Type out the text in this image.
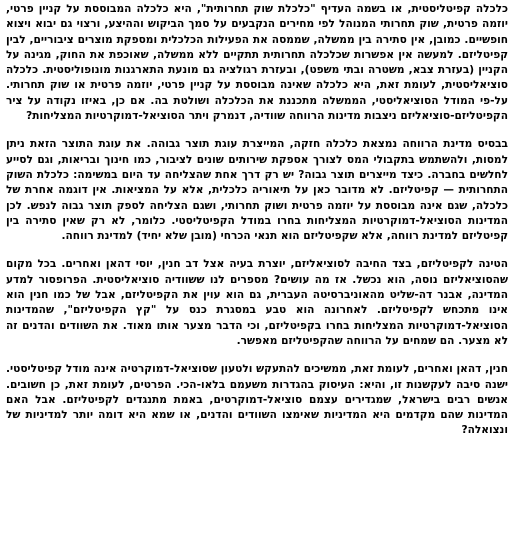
כלכלה קפיטליסטית, או בשמה העדיף "כלכלת שוק תחרותית", היא כלכלה המבוססת על קניין פרטי, יוזמה פרטית, שוק תחרותי המנוהל לפי מחירים הנקבעים על סמך הביקוש וההיצע, ורצוי גם יבוא ויצוא חופשיים. כמובן, אין סתירה בין ממשלה, שממסה את הפעילות הכלכלית ומספקת מוצרים ציבוריים, לבין קפיטליזם. למעשה אין אפשרות שכלכלה תחרותית תתקיים ללא ממשלה, שאוכפת את החוק, מגינה על הקניין (בעזרת צבא, משטרה ובתי משפט), ובעזרת רגולציה גם מונעת התארגנות מונופוליסטית. כלכלה סוציאליסטית, לעומת זאת, היא כלכלה שאינה מבוססת על קניין פרטי, יוזמה פרטית או שוק תחרותי. על-פי המודל הסוציאליסטי, הממשלה מתכננת את הכלכלה ושולטת בה. אם כן, באיזו נקודה על ציר הקפיטליזם-סוציאליזם ניצבות מדינות הרווחה שוודיה, דנמרק ויתר הסוציאל-דמוקרטיות המצליחות?

בבסיס מדינת הרווחה נמצאת כלכלה חזקה, המייצרת עוגת תוצר גבוהה. את עוגת התוצר הזאת ניתן למסות, ולהשתמש בתקבולי המס לצורך אספקת שירותים שונים לציבור, כמו חינוך ובריאות, וגם לסייע לחלשים בחברה. כיצד מייצרים תוצר גבוה? יש רק דרך אחת שהצליחה עד היום במשימה: כלכלת השוק התחרותית — קפיטליזם. לא מדובר כאן על תיאוריה כלכלית, אלא על המציאות. אין דוגמה אחרת של כלכלה, שגם אינה מבוססת על יוזמה פרטית ושוק תחרותי, ושגם הצליחה לספק תוצר גבוה לנפש. לכן המדינות הסוציאל-דמוקרטיות המצליחות בחרו במודל הקפיטליסטי. כלומר, לא רק שאין סתירה בין קפיטליזם למדינת רווחה, אלא שקפיטליזם הוא תנאי הכרחי (מובן שלא יחיד) למדינת רווחה.

הטינה לקפיטליזם, בצד החיבה לסוציאליזם, יוצרת בעיה אצל דב חנין, יוסי דהאן ואחרים. בכל מקום שהסוציאליזם נוסה, הוא נכשל. אז מה עושים? מספרים לנו ששוודיה סוציאליסטית. הפרופסור למדע המדינה, אבנר דה-שליט מהאוניברסיטה העברית, גם הוא עוין את הקפיטליזם, אבל של כמו חנין הוא אינו מתכחש לקפיטליזם. לאחרונה הוא טבע במסגרת כנס על "קץ הקפיטליזם", שהמדינות הסוציאל-דמוקרטיות המצליחות בחרו בקפיטליזם, וכי הדבר מצער אותו מאוד. את השוודים והדנים זה לא מצער. הם שמחים על הרווחה שהקפיטליזם מאפשר.

חנין, דהאן ואחרים, לעומת זאת, ממשיכים להתעקש ולטעון שסוציאל-דמוקרטיה אינה מודל קפיטליסטי. ישנה סיבה לעקשנות זו, והיא: העיסוק בהגדרות משעמם בלאו-הכי. הפרטים, לעומת זאת, כן חשובים. אנשים רבים בישראל, שמגדירים עצמם סוציאל-דמוקרטים, באמת מתנגדים לקפיטליזם. אבל האם המדינות שהם מקדמים היא המדיניות שאימצו השוודים והדנים, או שמא היא דומה יותר למדיניות של ונצואלה?
